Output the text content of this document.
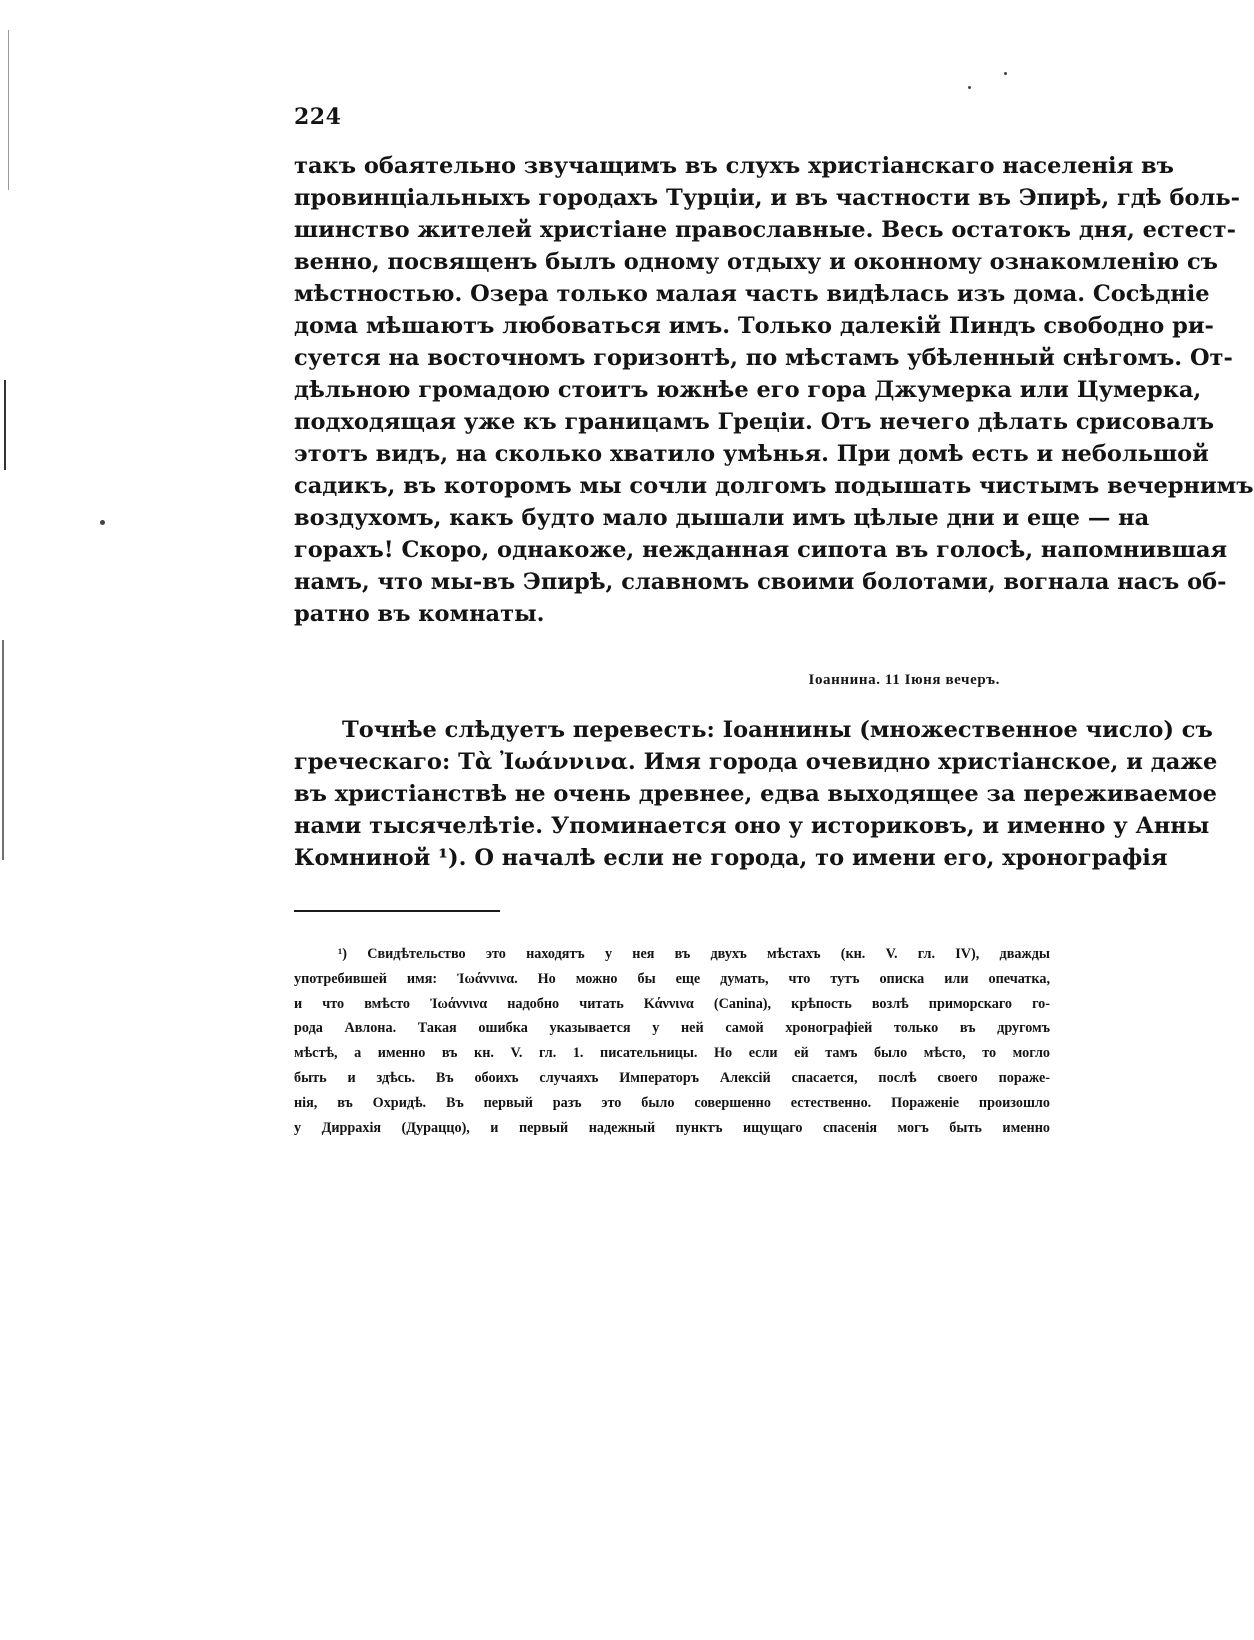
224
такъ обаятельно звучащимъ въ слухъ христіанскаго населенія въ
провинціальныхъ городахъ Турціи, и въ частности въ Эпирѣ, гдѣ боль-
шинство жителей христіане православные. Весь остатокъ дня, естест-
венно, посвященъ былъ одному отдыху и оконному ознакомленію съ
мѣстностью. Озера только малая часть видѣлась изъ дома. Сосѣдніе
дома мѣшаютъ любоваться имъ. Только далекій Пиндъ свободно ри-
суется на восточномъ горизонтѣ, по мѣстамъ убѣленный снѣгомъ. От-
дѣльною громадою стоитъ южнѣе его гора Джумерка или Цумерка,
подходящая уже къ границамъ Греціи. Отъ нечего дѣлать срисовалъ
этотъ видъ, на сколько хватило умѣнья. При домѣ есть и небольшой
садикъ, въ которомъ мы сочли долгомъ подышать чистымъ вечернимъ
воздухомъ, какъ будто мало дышали имъ цѣлые дни и еще — на
горахъ! Скоро, однакоже, нежданная сипота въ голосѣ, напомнившая
намъ, что мы-въ Эпирѣ, славномъ своими болотами, вогнала насъ об-
ратно въ комнаты.
Іоаннина. 11 Іюня вечеръ.
Точнѣе слѣдуетъ перевесть: Іоаннины (множественное число) съ
греческаго: Τὰ Ἰωάννινα. Имя города очевидно христіанское, и даже
въ христіанствѣ не очень древнее, едва выходящее за переживаемое
нами тысячелѣтіе. Упоминается оно у историковъ, и именно у Анны
Комниной ¹). О началѣ если не города, то имени его, хронографія
¹) Свидѣтельство это находятъ у нея въ двухъ мѣстахъ (кн. V. гл. IV), дважды
употребившей имя: Ἰωάννινα. Но можно бы еще думать, что тутъ описка или опечатка,
и что вмѣсто Ἰωάννινα надобно читать Κάννινα (Canina), крѣпость возлѣ приморскаго го-
рода Авлона. Такая ошибка указывается у ней самой хронографіей только въ другомъ
мѣстѣ, а именно въ кн. V. гл. 1. писательницы. Но если ей тамъ было мѣсто, то могло
быть и здѣсь. Въ обоихъ случаяхъ Императоръ Алексій спасается, послѣ своего пораже-
нія, въ Охридѣ. Въ первый разъ это было совершенно естественно. Пораженіе произошло
у Диррахія (Дураццо), и первый надежный пунктъ ищущаго спасенія могъ быть именно
